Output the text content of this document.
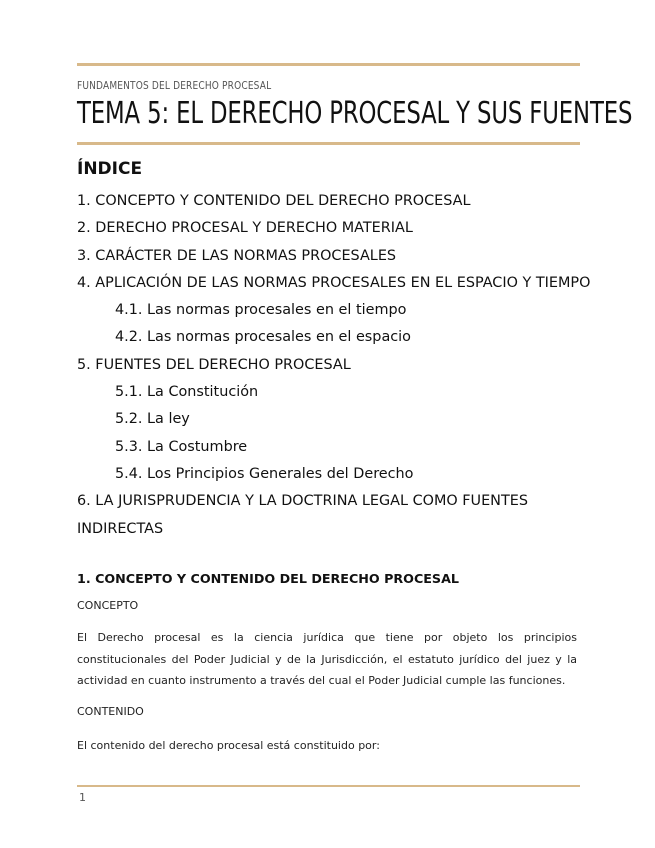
FUNDAMENTOS DEL DERECHO PROCESAL
TEMA 5: EL DERECHO PROCESAL Y SUS FUENTES
ÍNDICE
1. CONCEPTO Y CONTENIDO DEL DERECHO PROCESAL
2. DERECHO PROCESAL Y DERECHO MATERIAL
3. CARÁCTER DE LAS NORMAS PROCESALES
4. APLICACIÓN DE LAS NORMAS PROCESALES EN EL ESPACIO Y TIEMPO
4.1. Las normas procesales en el tiempo
4.2. Las normas procesales en el espacio
5. FUENTES DEL DERECHO PROCESAL
5.1. La Constitución
5.2. La ley
5.3. La Costumbre
5.4. Los Principios Generales del Derecho
6. LA JURISPRUDENCIA Y LA DOCTRINA LEGAL COMO FUENTES INDIRECTAS
1. CONCEPTO Y CONTENIDO DEL DERECHO PROCESAL
CONCEPTO
El Derecho procesal es la ciencia jurídica que tiene por objeto los principios constitucionales del Poder Judicial y de la Jurisdicción, el estatuto jurídico del juez y la actividad en cuanto instrumento a través del cual el Poder Judicial cumple las funciones.
CONTENIDO
El contenido del derecho procesal está constituido por:
1
